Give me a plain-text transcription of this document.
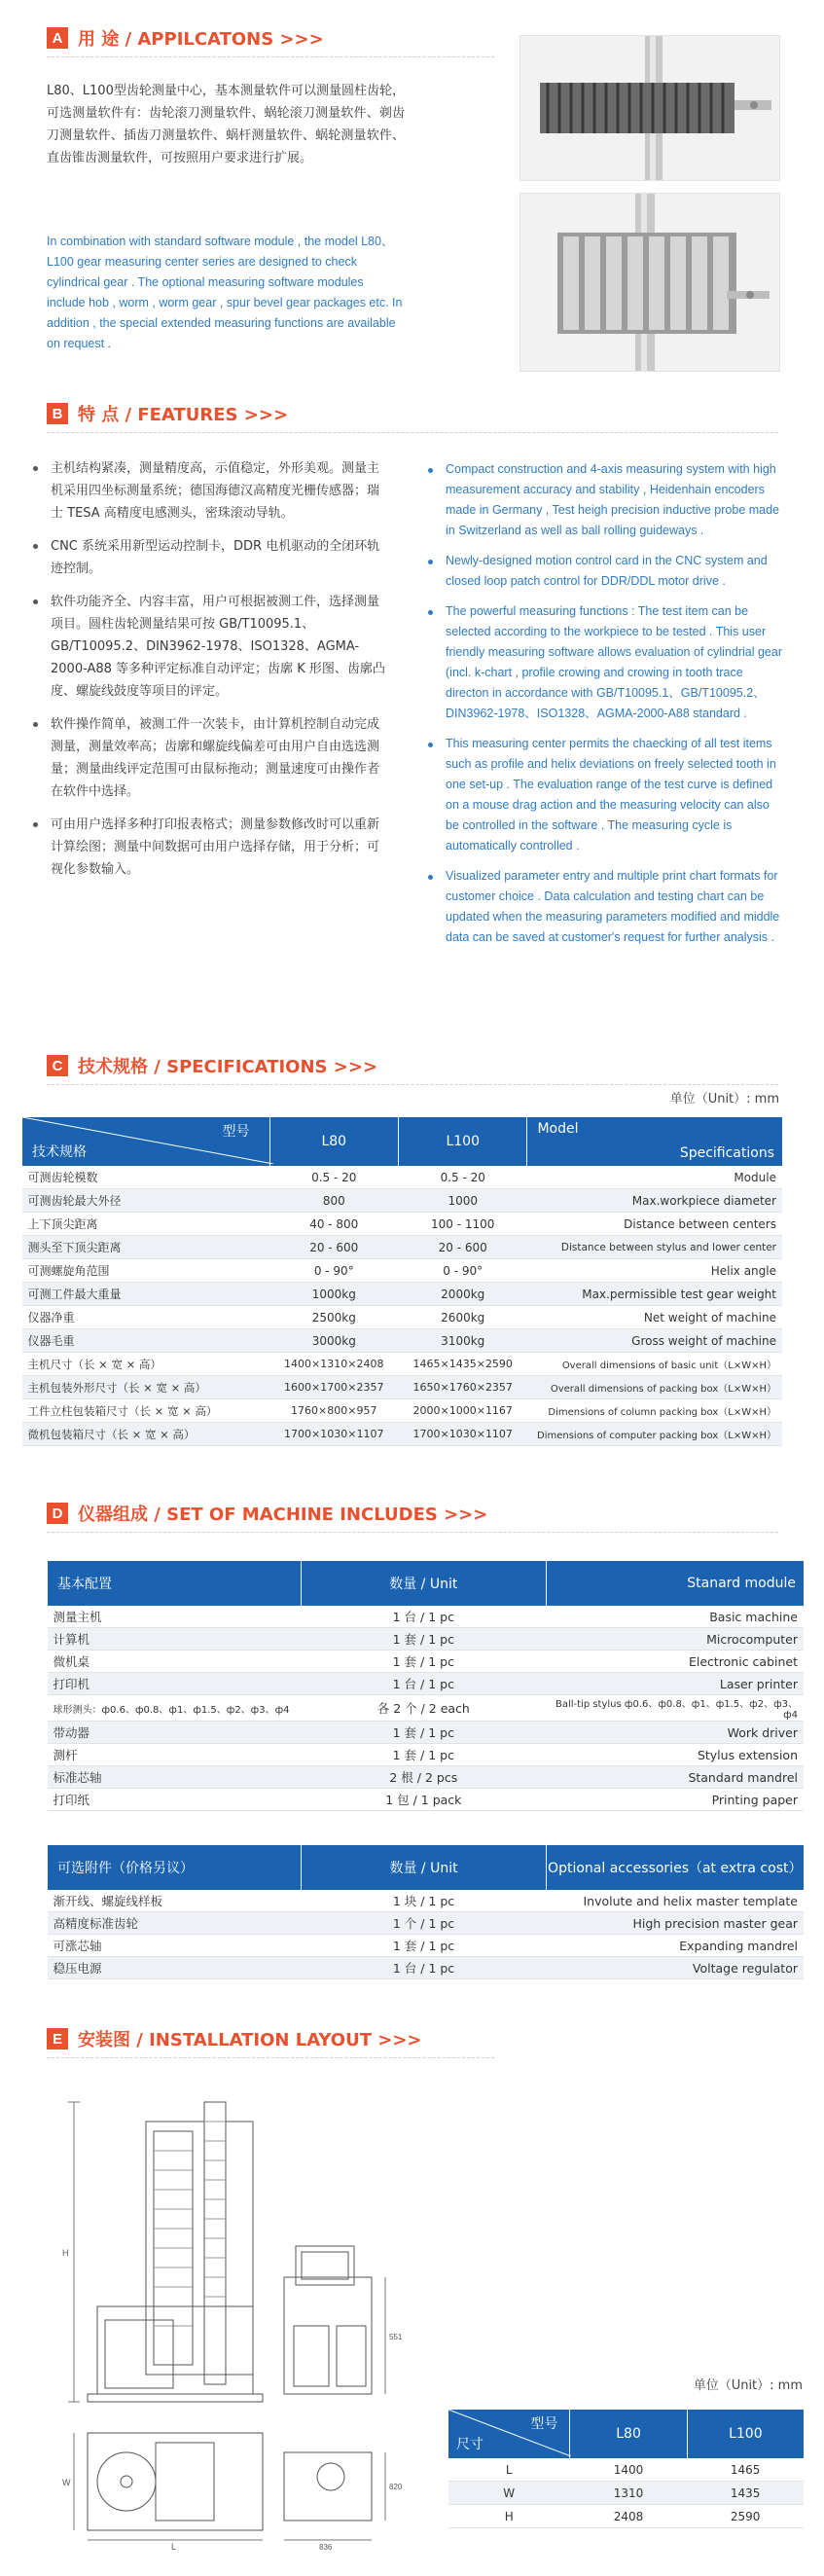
A 用 途 / APPILCATONS >>>
L80、L100型齿轮测量中心，基本测量软件可以测量圆柱齿轮，可选测量软件有：齿轮滚刀测量软件、蜗轮滚刀测量软件、剃齿刀测量软件、插齿刀测量软件、蜗杆测量软件、蜗轮测量软件、直齿锥齿测量软件，可按照用户要求进行扩展。
In combination with standard software module , the model L80、L100 gear measuring center series are designed to check cylindrical gear . The optional measuring software modules include hob , worm , worm gear , spur bevel gear packages etc. In addition , the special extended measuring functions are available on request .
B 特 点 / FEATURES >>>
主机结构紧凑，测量精度高，示值稳定，外形美观。测量主机采用四坐标测量系统；德国海德汉高精度光栅传感器；瑞士 TESA 高精度电感测头，密珠滚动导轨。
CNC 系统采用新型运动控制卡，DDR 电机驱动的全闭环轨迹控制。
软件功能齐全、内容丰富，用户可根据被测工件，选择测量项目。圆柱齿轮测量结果可按 GB/T10095.1、GB/T10095.2、DIN3962-1978、ISO1328、AGMA-2000-A88 等多种评定标准自动评定；齿廓 K 形图、齿廓凸度、螺旋线鼓度等项目的评定。
软件操作简单，被测工件一次装卡，由计算机控制自动完成测量，测量效率高；齿廓和螺旋线偏差可由用户自由选选测量；测量曲线评定范围可由鼠标拖动；测量速度可由操作者在软件中选择。
可由用户选择多种打印报表格式；测量参数修改时可以重新计算绘图；测量中间数据可由用户选择存储，用于分析；可视化参数输入。
Compact construction and 4-axis measuring system with high measurement accuracy and stability , Heidenhain encoders made in Germany , Test heigh precision inductive probe made in Switzerland as well as ball rolling guideways .
Newly-designed motion control card in the CNC system and closed loop patch control for DDR/DDL motor drive .
The powerful measuring functions : The test item can be selected according to the workpiece to be tested . This user friendly measuring software allows evaluation of cylindrial gear (incl. k-chart , profile crowing and crowing in tooth trace directon in accordance with GB/T10095.1、GB/T10095.2、DIN3962-1978、ISO1328、AGMA-2000-A88 standard .
This measuring center permits the chaecking of all test items such as profile and helix deviations on freely selected tooth in one set-up . The evaluation range of the test curve is defined on a mouse drag action and the measuring velocity can also be controlled in the software . The measuring cycle is automatically controlled .
Visualized parameter entry and multiple print chart formats for customer choice . Data calculation and testing chart can be updated when the measuring parameters modified and middle data can be saved at customer's request for further analysis .
C 技术规格 / SPECIFICATIONS >>>
单位（Unit）: mm
型号
技术规格	L80	L100	Model
Specifications

可测齿轮模数	0.5 - 20	0.5 - 20	Module
可测齿轮最大外径	800	1000	Max.workpiece diameter
上下顶尖距离	40 - 800	100 - 1100	Distance between centers
测头至下顶尖距离	20 - 600	20 - 600	Distance between stylus and lower center
可测螺旋角范围	0 - 90°	0 - 90°	Helix angle
可测工件最大重量	1000kg	2000kg	Max.permissible test gear weight
仪器净重	2500kg	2600kg	Net weight of machine
仪器毛重	3000kg	3100kg	Gross weight of machine
主机尺寸（长 × 宽 × 高）	1400×1310×2408	1465×1435×2590	Overall dimensions of basic unit（L×W×H）
主机包装外形尺寸（长 × 宽 × 高）	1600×1700×2357	1650×1760×2357	Overall dimensions of packing box（L×W×H）
工件立柱包装箱尺寸（长 × 宽 × 高）	1760×800×957	2000×1000×1167	Dimensions of column packing box（L×W×H）
微机包装箱尺寸（长 × 宽 × 高）	1700×1030×1107	1700×1030×1107	Dimensions of computer packing box（L×W×H）
D 仪器组成 / SET OF MACHINE INCLUDES >>>
基本配置	数量 / Unit	Stanard module
测量主机	1 台 / 1 pc	Basic machine
计算机	1 套 / 1 pc	Microcomputer
微机桌	1 套 / 1 pc	Electronic cabinet
打印机	1 台 / 1 pc	Laser printer
球形测头：ф0.6、ф0.8、ф1、ф1.5、ф2、ф3、ф4	各 2 个 / 2 each	Ball-tip stylus ф0.6、ф0.8、ф1、ф1.5、ф2、ф3、ф4
带动器	1 套 / 1 pc	Work driver
测杆	1 套 / 1 pc	Stylus extension
标准芯轴	2 根 / 2 pcs	Standard mandrel
打印纸	1 包 / 1 pack	Printing paper
可选附件（价格另议）	数量 / Unit	Optional accessories（at extra cost）
渐开线、螺旋线样板	1 块 / 1 pc	Involute and helix master template
高精度标准齿轮	1 个 / 1 pc	High precision master gear
可涨芯轴	1 套 / 1 pc	Expanding mandrel
稳压电源	1 台 / 1 pc	Voltage regulator
E 安装图 / INSTALLATION LAYOUT >>>
H
551
W	820
L	836
单位（Unit）: mm
型号
尺寸	L80	L100
L	1400	1465
W	1310	1435
H	2408	2590
